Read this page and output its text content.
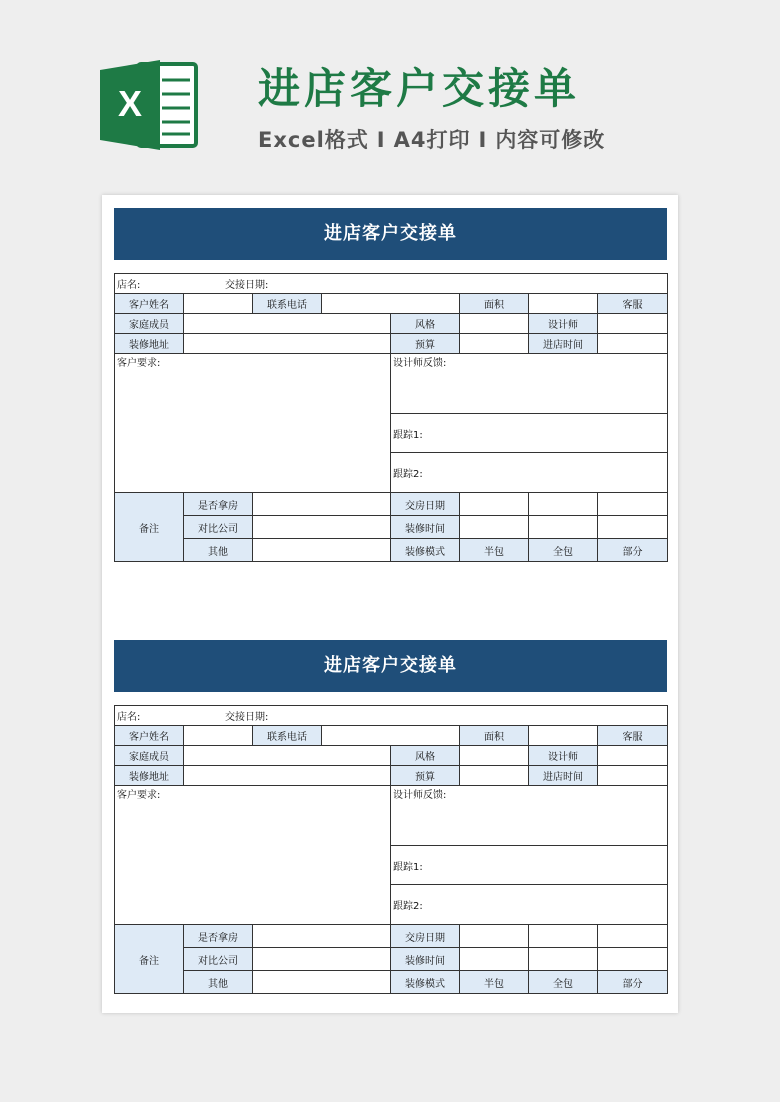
X	进店客户交接单
Excel格式 I A4打印 I 内容可修改
进店客户交接单
店名: 交接日期:							
客户姓名		联系电话			面积		客服
家庭成员				风格		设计师	
装修地址				预算		进店时间	
客户要求:				设计师反馈:			
				跟踪1:			
				跟踪2:			
备注	是否拿房			交房日期			
	对比公司			装修时间			
	其他			装修模式	半包	全包	部分
进店客户交接单
店名: 交接日期:							
客户姓名		联系电话			面积		客服
家庭成员				风格		设计师	
装修地址				预算		进店时间	
客户要求:				设计师反馈:			
				跟踪1:			
				跟踪2:			
备注	是否拿房			交房日期			
	对比公司			装修时间			
	其他			装修模式	半包	全包	部分
